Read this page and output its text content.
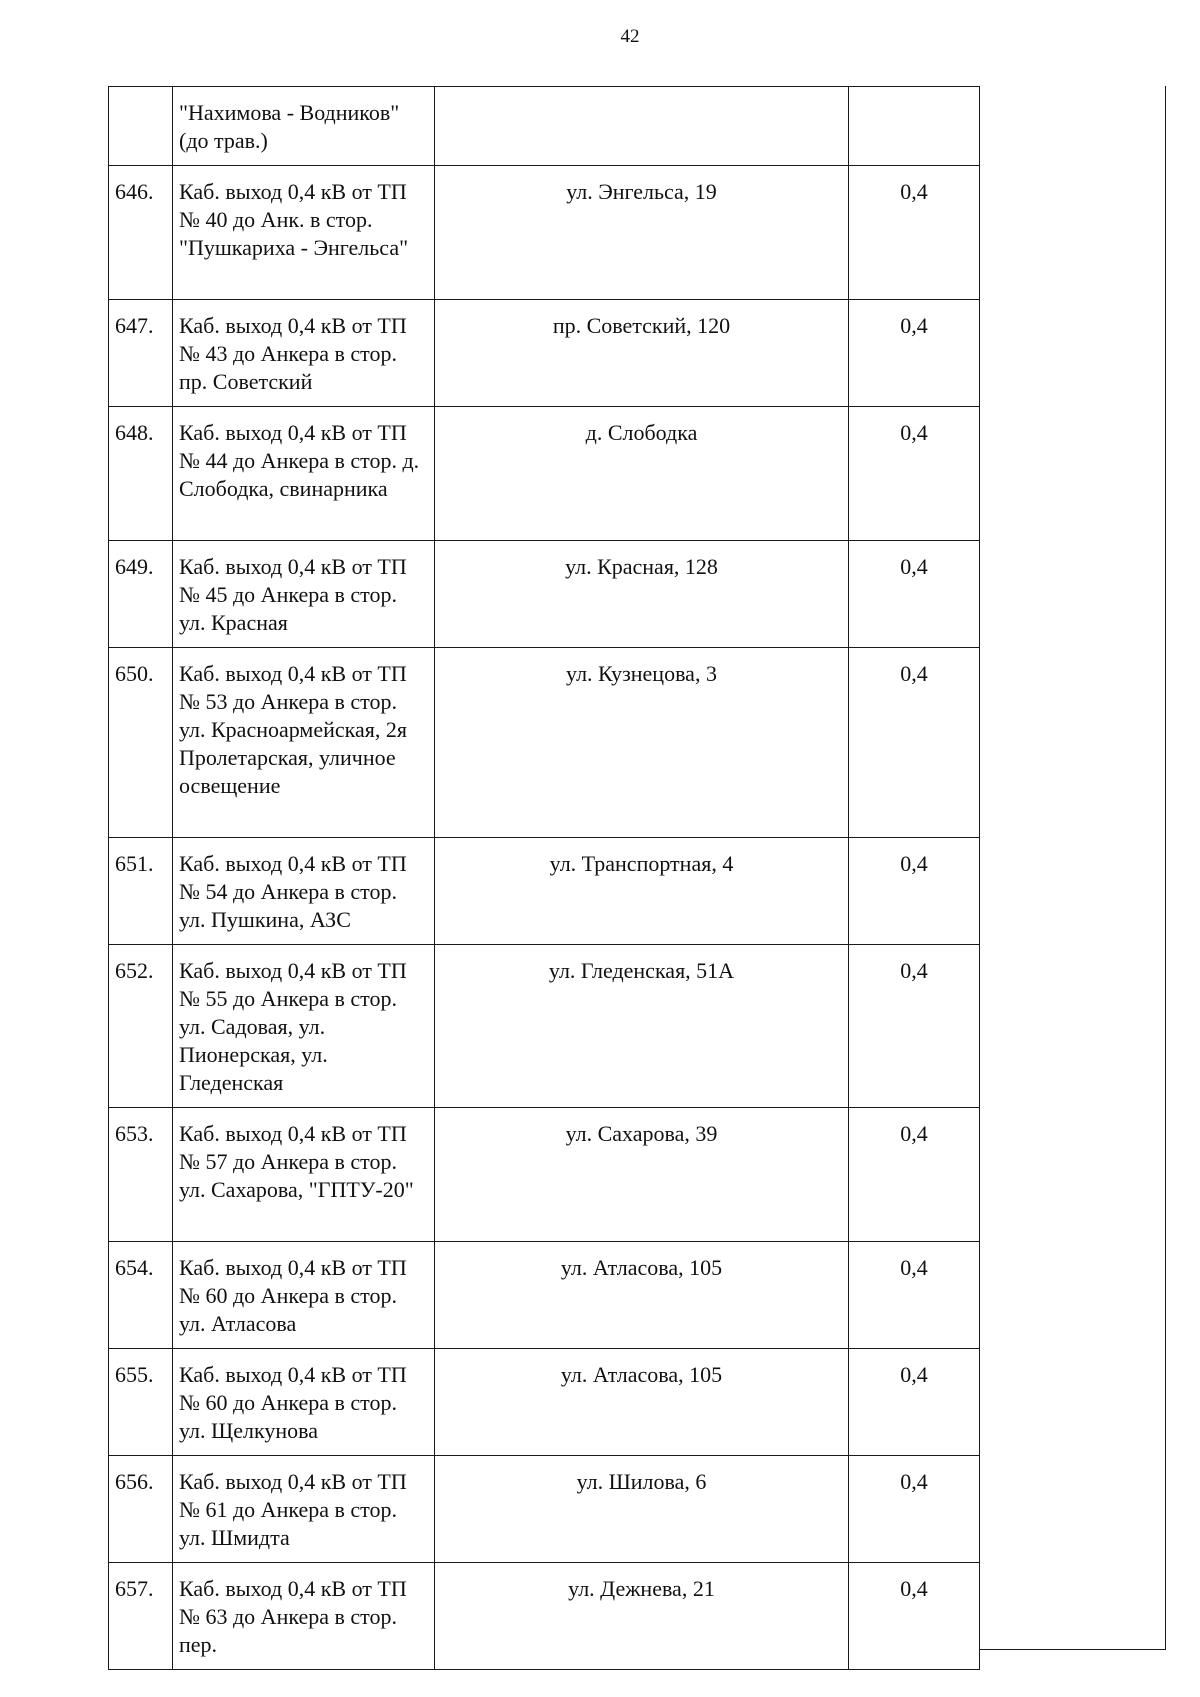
42
	"Нахимова - Водников" (до трав.)		
646.	Каб. выход 0,4 кВ от ТП № 40 до Анк. в стор. "Пушкариха - Энгельса"	ул. Энгельса, 19	0,4
647.	Каб. выход 0,4 кВ от ТП № 43 до Анкера в стор. пр. Советский	пр. Советский, 120	0,4
648.	Каб. выход 0,4 кВ от ТП № 44 до Анкера в стор. д. Слободка, свинарника	д. Слободка	0,4
649.	Каб. выход 0,4 кВ от ТП № 45 до Анкера в стор. ул. Красная	ул. Красная, 128	0,4
650.	Каб. выход 0,4 кВ от ТП № 53 до Анкера в стор. ул. Красноармейская, 2я Пролетарская, уличное освещение	ул. Кузнецова, 3	0,4
651.	Каб. выход 0,4 кВ от ТП № 54 до Анкера в стор. ул. Пушкина, АЗС	ул. Транспортная, 4	0,4
652.	Каб. выход 0,4 кВ от ТП № 55 до Анкера в стор. ул. Садовая, ул. Пионерская, ул. Гледенская	ул. Гледенская, 51А	0,4
653.	Каб. выход 0,4 кВ от ТП № 57 до Анкера в стор. ул. Сахарова, "ГПТУ-20"	ул. Сахарова, 39	0,4
654.	Каб. выход 0,4 кВ от ТП № 60 до Анкера в стор. ул. Атласова	ул. Атласова, 105	0,4
655.	Каб. выход 0,4 кВ от ТП № 60 до Анкера в стор. ул. Щелкунова	ул. Атласова, 105	0,4
656.	Каб. выход 0,4 кВ от ТП № 61 до Анкера в стор. ул. Шмидта	ул. Шилова, 6	0,4
657.	Каб. выход 0,4 кВ от ТП № 63 до Анкера в стор. пер.	ул. Дежнева, 21	0,4
